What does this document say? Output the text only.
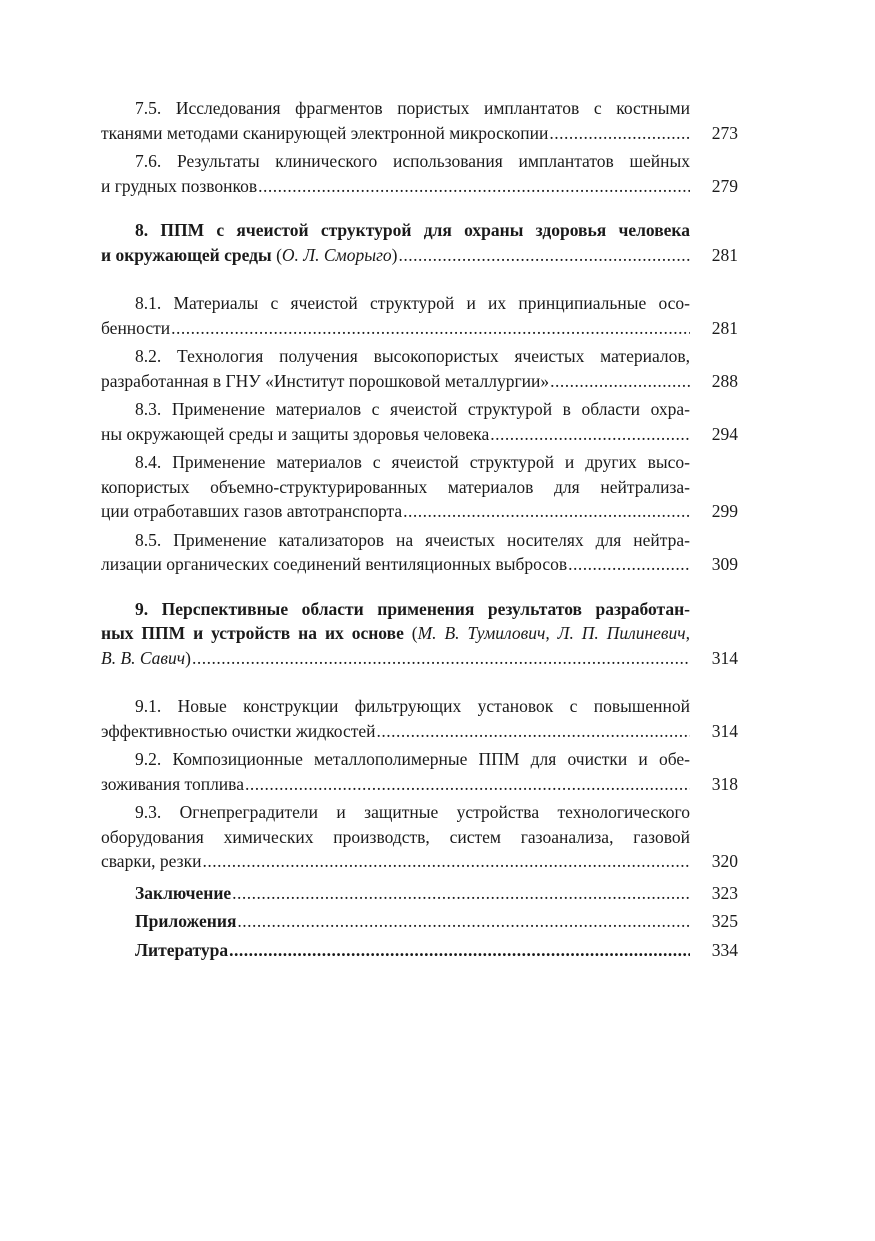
7.5. Исследования фрагментов пористых имплантатов с костными
тканями методами сканирующей электронной микроскопии .....	273
7.6. Результаты клинического использования имплантатов шейных
и грудных позвонков .....	279
8. ППМ с ячеистой структурой для охраны здоровья человека
и окружающей среды (О. Л. Сморыго) .....	281
8.1. Материалы с ячеистой структурой и их принципиальные осо-
бенности .....	281
8.2. Технология получения высокопористых ячеистых материалов,
разработанная в ГНУ «Институт порошковой металлургии» .....	288
8.3. Применение материалов с ячеистой структурой в области охра-
ны окружающей среды и защиты здоровья человека .....	294
8.4. Применение материалов с ячеистой структурой и других высо-
копористых объемно-структурированных материалов для нейтрализа-
ции отработавших газов автотранспорта .....	299
8.5. Применение катализаторов на ячеистых носителях для нейтра-
лизации органических соединений вентиляционных выбросов .....	309
9. Перспективные области применения результатов разработан-
ных ППМ и устройств на их основе (М. В. Тумилович, Л. П. Пилиневич,
В. В. Савич) .....	314
9.1. Новые конструкции фильтрующих установок с повышенной
эффективностью очистки жидкостей .....	314
9.2. Композиционные металлополимерные ППМ для очистки и обе-
зоживания топлива .....	318
9.3. Огнепреградители и защитные устройства технологического
оборудования химических производств, систем газоанализа, газовой
сварки, резки .....	320
Заключение .....	323
Приложения .....	325
Литература .....	334
